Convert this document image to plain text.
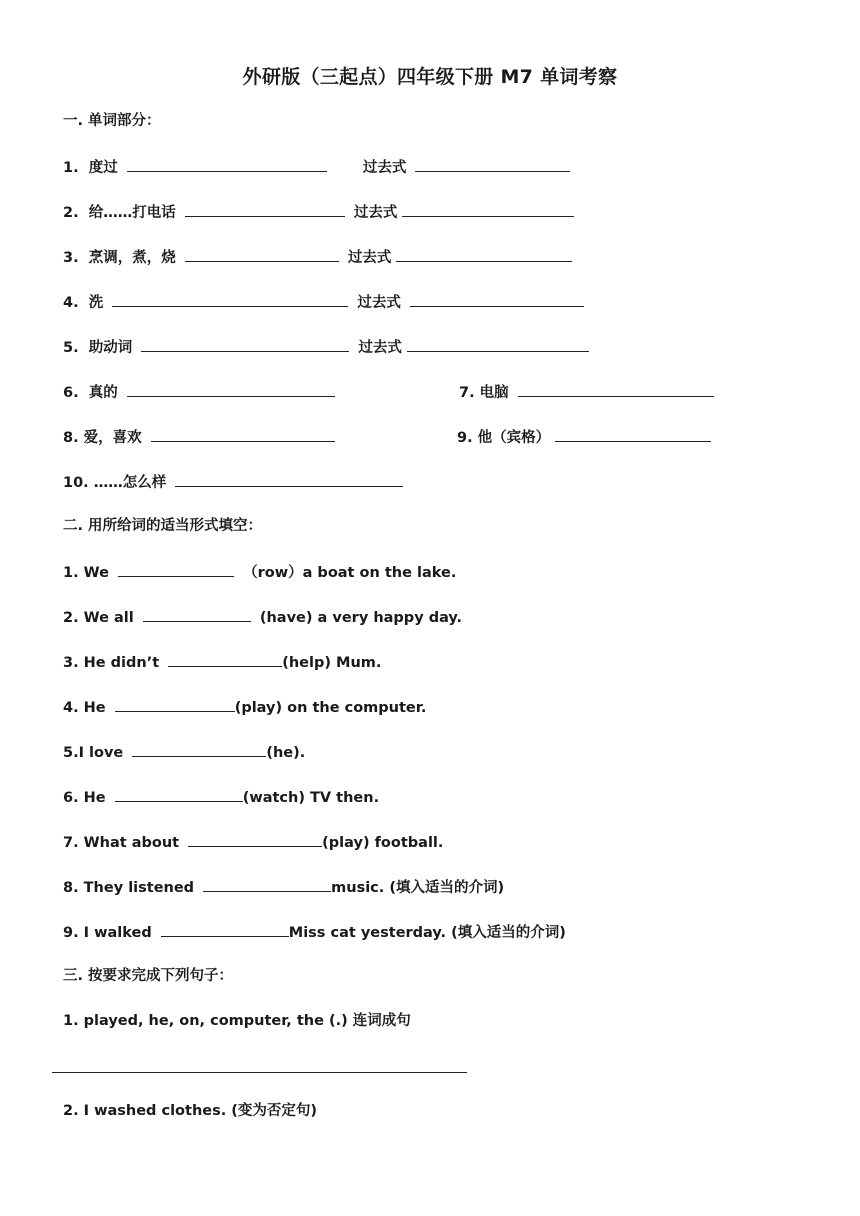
外研版（三起点）四年级下册 M7 单词考察
一. 单词部分：
1. 度过	过去式
2. 给……打电话	过去式
3. 烹调，煮，烧	过去式
4. 洗	过去式
5. 助动词	过去式
6. 真的	7. 电脑
8. 爱，喜欢	9. 他（宾格）
10. ……怎么样
二. 用所给词的适当形式填空：
1. We	（row）a boat on the lake.
2. We all	(have) a very happy day.
3. He didn’t	(help) Mum.
4. He	(play) on the computer.
5.I love	(he).
6. He	(watch) TV then.
7. What about	(play) football.
8. They listened	music. (填入适当的介词)
9. I walked	Miss cat yesterday. (填入适当的介词)
三. 按要求完成下列句子：
1. played, he, on, computer, the (.) 连词成句
2. I washed clothes. (变为否定句)
